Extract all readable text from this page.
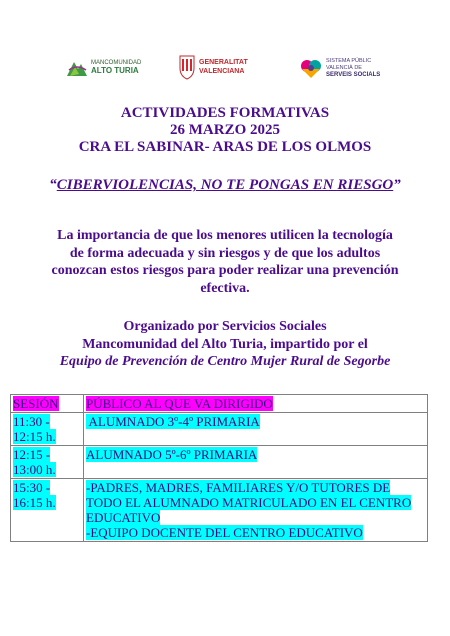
MANCOMUNIDAD
ALTO TURIA
GENERALITAT
VALENCIANA
SISTEMA PÚBLIC
VALENCIÀ DE
SERVEIS SOCIALS
ACTIVIDADES FORMATIVAS
26 MARZO 2025
CRA EL SABINAR- ARAS DE LOS OLMOS
“CIBERVIOLENCIAS, NO TE PONGAS EN RIESGO”
La importancia de que los menores utilicen la tecnología de forma adecuada y sin riesgos y de que los adultos conozcan estos riesgos para poder realizar una prevención efectiva.
Organizado por Servicios Sociales
Mancomunidad del Alto Turia, impartido por el
Equipo de Prevención de Centro Mujer Rural de Segorbe
SESIÓN	PÚBLICO AL QUE VA DIRIGIDO
11:30 - 12:15 h.	ALUMNADO 3º-4º PRIMARIA
12:15 - 13:00 h.	ALUMNADO 5º-6º PRIMARIA
15:30 - 16:15 h.	-PADRES, MADRES, FAMILIARES Y/O TUTORES DE TODO EL ALUMNADO MATRICULADO EN EL CENTRO EDUCATIVO
-EQUIPO DOCENTE DEL CENTRO EDUCATIVO
